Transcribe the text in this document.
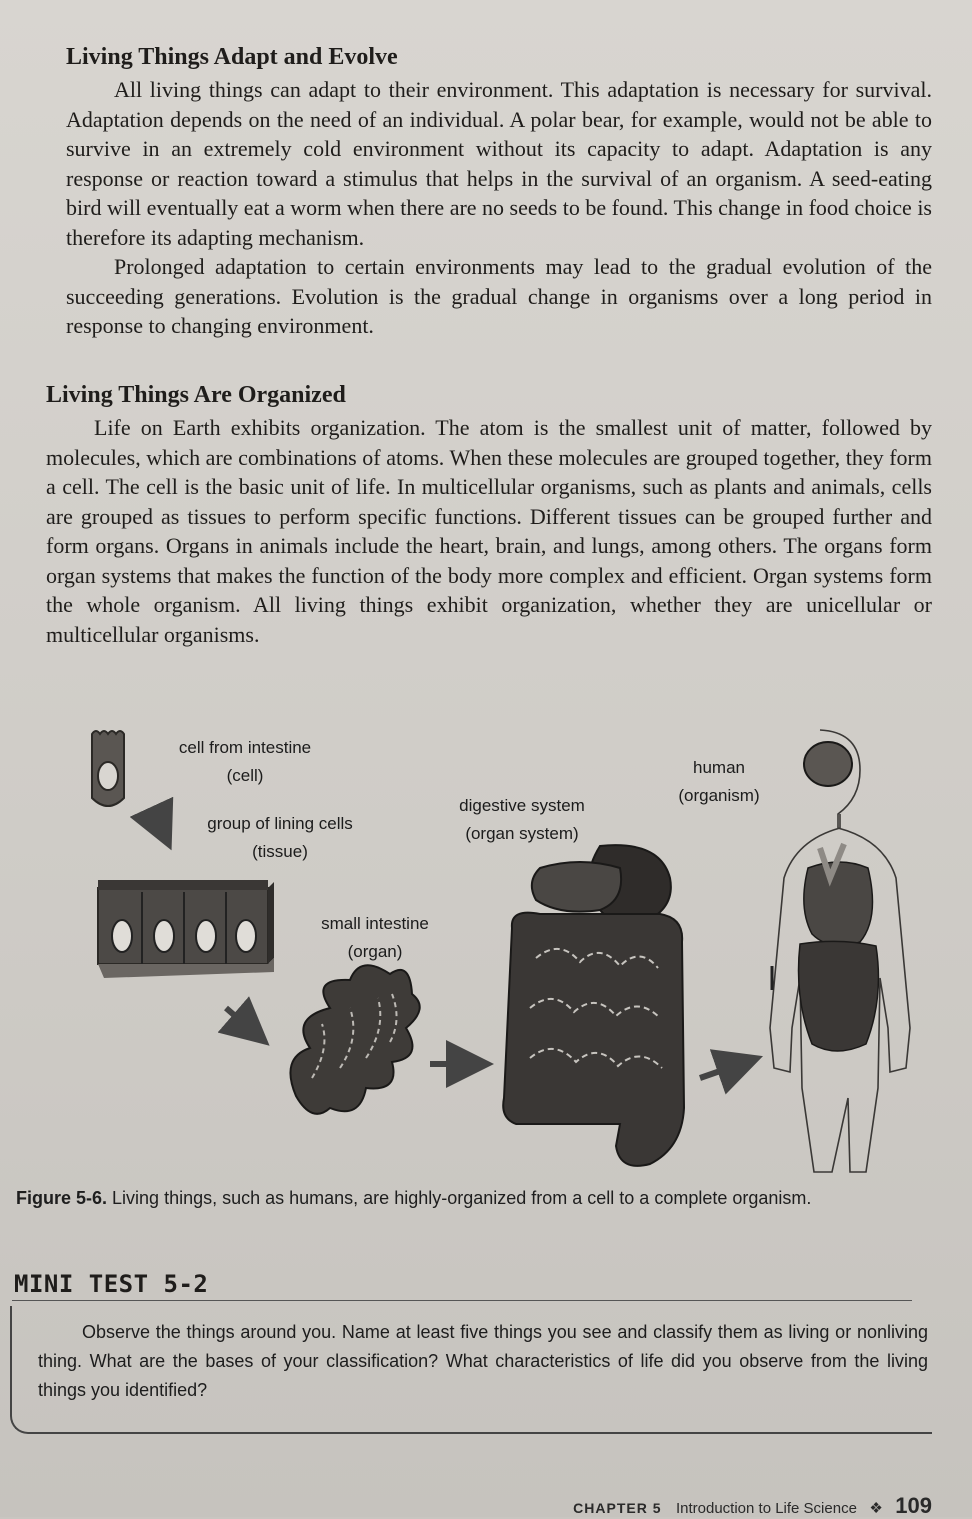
Living Things Adapt and Evolve

All living things can adapt to their environment. This adaptation is necessary for survival. Adaptation depends on the need of an individual. A polar bear, for example, would not be able to survive in an extremely cold environment without its capacity to adapt. Adaptation is any response or reaction toward a stimulus that helps in the survival of an organism. A seed-eating bird will eventually eat a worm when there are no seeds to be found. This change in food choice is therefore its adapting mechanism.

Prolonged adaptation to certain environments may lead to the gradual evolution of the succeeding generations. Evolution is the gradual change in organisms over a long period in response to changing environment.

Living Things Are Organized

Life on Earth exhibits organization. The atom is the smallest unit of matter, followed by molecules, which are combinations of atoms. When these molecules are grouped together, they form a cell. The cell is the basic unit of life. In multicellular organisms, such as plants and animals, cells are grouped as tissues to perform specific functions. Different tissues can be grouped further and form organs. Organs in animals include the heart, brain, and lungs, among others. The organs form organ systems that makes the function of the body more complex and efficient. Organ systems form the whole organism. All living things exhibit organization, whether they are unicellular or multicellular organisms.

cell from intestine
(cell)
group of lining cells
(tissue)
small intestine
(organ)
digestive system
(organ system)
human
(organism)
Figure 5-6. Living things, such as humans, are highly-organized from a cell to a complete organism.
MINI TEST 5-2
Observe the things around you. Name at least five things you see and classify them as living or nonliving thing. What are the bases of your classification? What characteristics of life did you observe from the living things you identified?
CHAPTER 5 Introduction to Life Science ❖ 109
